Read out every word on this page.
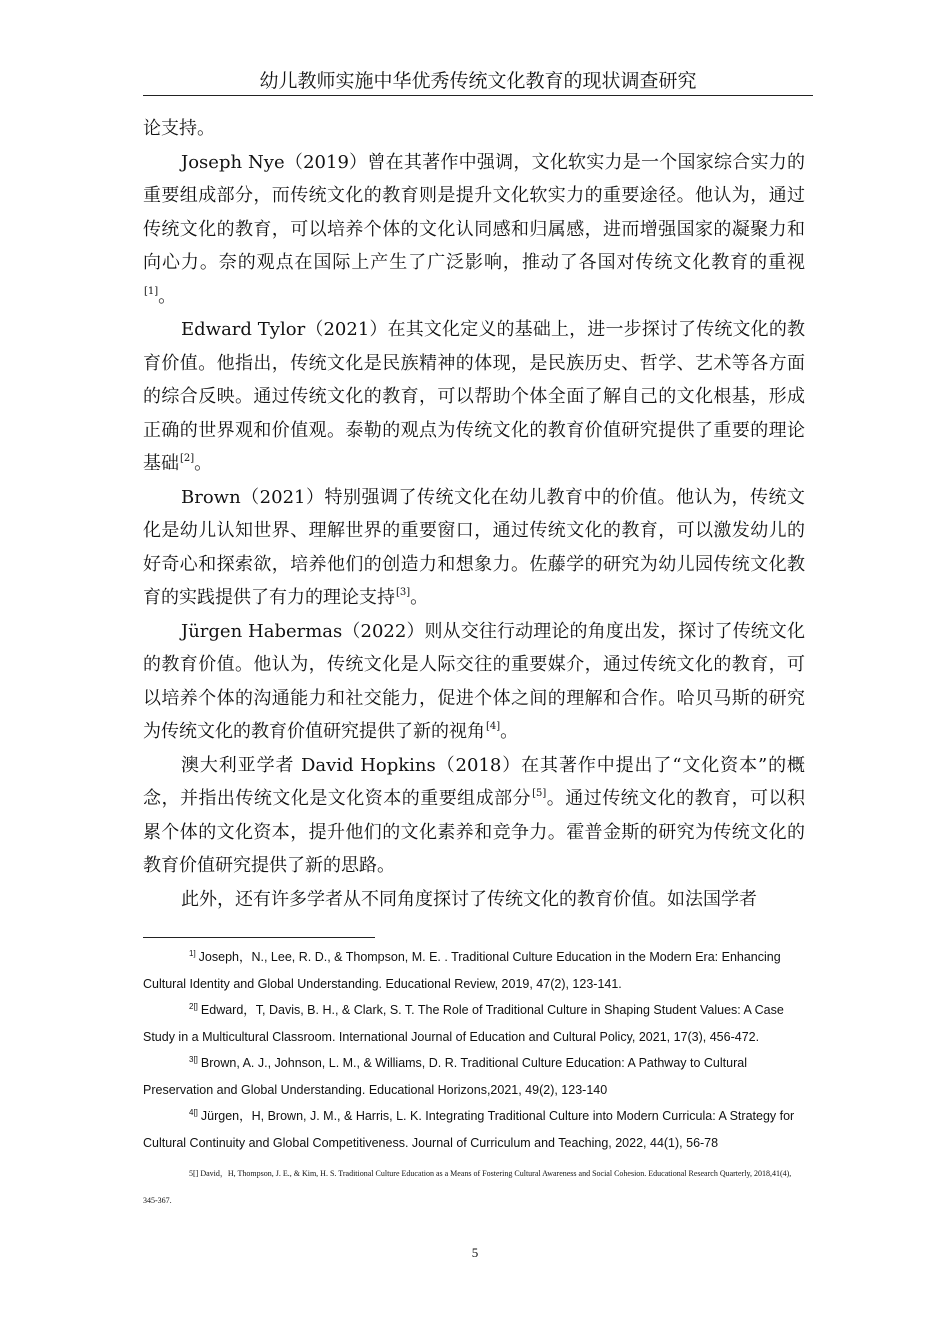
幼儿教师实施中华优秀传统文化教育的现状调查研究

论支持。

Joseph Nye（2019）曾在其著作中强调，文化软实力是一个国家综合实力的重要组成部分，而传统文化的教育则是提升文化软实力的重要途径。他认为，通过传统文化的教育，可以培养个体的文化认同感和归属感，进而增强国家的凝聚力和向心力。奈的观点在国际上产生了广泛影响，推动了各国对传统文化教育的重视[1]。

Edward Tylor（2021）在其文化定义的基础上，进一步探讨了传统文化的教育价值。他指出，传统文化是民族精神的体现，是民族历史、哲学、艺术等各方面的综合反映。通过传统文化的教育，可以帮助个体全面了解自己的文化根基，形成正确的世界观和价值观。泰勒的观点为传统文化的教育价值研究提供了重要的理论基础[2]。

Brown（2021）特别强调了传统文化在幼儿教育中的价值。他认为，传统文化是幼儿认知世界、理解世界的重要窗口，通过传统文化的教育，可以激发幼儿的好奇心和探索欲，培养他们的创造力和想象力。佐藤学的研究为幼儿园传统文化教育的实践提供了有力的理论支持[3]。

Jürgen Habermas（2022）则从交往行动理论的角度出发，探讨了传统文化的教育价值。他认为，传统文化是人际交往的重要媒介，通过传统文化的教育，可以培养个体的沟通能力和社交能力，促进个体之间的理解和合作。哈贝马斯的研究为传统文化的教育价值研究提供了新的视角[4]。

澳大利亚学者 David Hopkins（2018）在其著作中提出了“文化资本”的概念，并指出传统文化是文化资本的重要组成部分[5]。通过传统文化的教育，可以积累个体的文化资本，提升他们的文化素养和竞争力。霍普金斯的研究为传统文化的教育价值研究提供了新的思路。

此外，还有许多学者从不同角度探讨了传统文化的教育价值。如法国学者

$^{1]}$ Joseph，N., Lee, R. D., & Thompson, M. E. . Traditional Culture Education in the Modern Era: Enhancing Cultural Identity and Global Understanding. Educational Review, 2019, 47(2), 123-141.

$^{2[]}$ Edward，T, Davis, B. H., & Clark, S. T. The Role of Traditional Culture in Shaping Student Values: A Case Study in a Multicultural Classroom. International Journal of Education and Cultural Policy, 2021, 17(3), 456-472.

$^{3[]}$ Brown, A. J., Johnson, L. M., & Williams, D. R. Traditional Culture Education: A Pathway to Cultural Preservation and Global Understanding. Educational Horizons,2021, 49(2), 123-140

$^{4[]}$ Jürgen，H, Brown, J. M., & Harris, L. K. Integrating Traditional Culture into Modern Curricula: A Strategy for Cultural Continuity and Global Competitiveness. Journal of Curriculum and Teaching, 2022, 44(1), 56-78

5[] David，H, Thompson, J. E., & Kim, H. S. Traditional Culture Education as a Means of Fostering Cultural Awareness and Social Cohesion. Educational Research Quarterly, 2018,41(4), 345-367.

5
